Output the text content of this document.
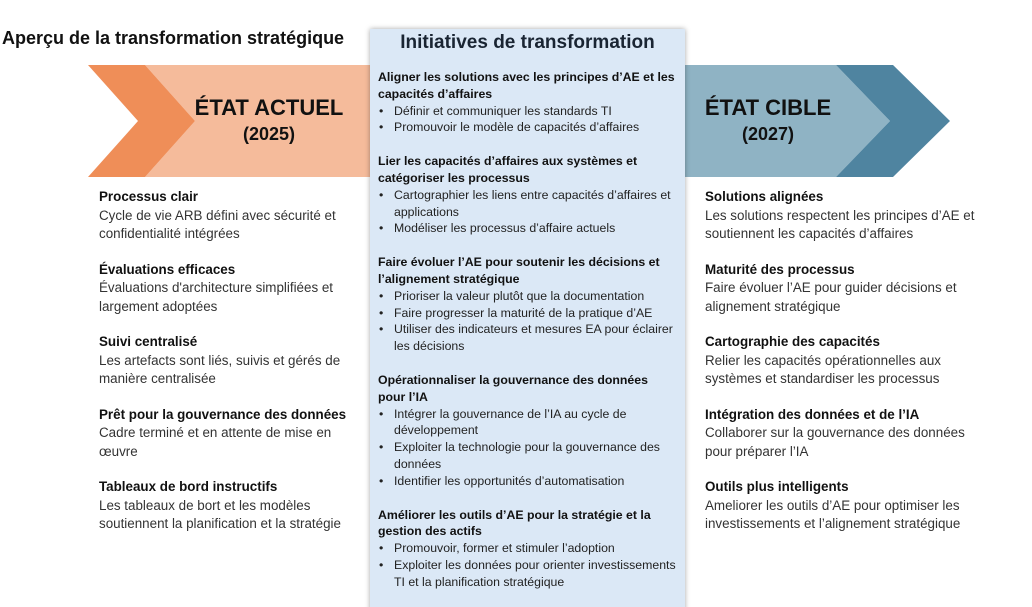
Aperçu de la transformation stratégique
ÉTAT ACTUEL
(2025)
ÉTAT CIBLE
(2027)
Processus clair
Cycle de vie ARB défini avec sécurité et confidentialité intégrées
Évaluations efficaces
Évaluations d'architecture simplifiées et largement adoptées
Suivi centralisé
Les artefacts sont liés, suivis et gérés de manière centralisée
Prêt pour la gouvernance des données
Cadre terminé et en attente de mise en œuvre
Tableaux de bord instructifs
Les tableaux de bort et les modèles soutiennent la planification et la stratégie
Initiatives de transformation
Aligner les solutions avec les principes d’AE et les capacités d’affaires
• Définir et communiquer les standards TI
• Promouvoir le modèle de capacités d’affaires
Lier les capacités d’affaires aux systèmes et catégoriser les processus
• Cartographier les liens entre capacités d’affaires et applications
• Modéliser les processus d’affaire actuels
Faire évoluer l’AE pour soutenir les décisions et l’alignement stratégique
• Prioriser la valeur plutôt que la documentation
• Faire progresser la maturité de la pratique d’AE
• Utiliser des indicateurs et mesures EA pour éclairer les décisions
Opérationnaliser la gouvernance des données pour l’IA
• Intégrer la gouvernance de l’IA au cycle de développement
• Exploiter la technologie pour la gouvernance des données
• Identifier les opportunités d’automatisation
Améliorer les outils d’AE pour la stratégie et la gestion des actifs
• Promouvoir, former et stimuler l’adoption
• Exploiter les données pour orienter investissements TI et la planification stratégique
Solutions alignées
Les solutions respectent les principes d’AE et soutiennent les capacités d’affaires
Maturité des processus
Faire évoluer l’AE pour guider décisions et alignement stratégique
Cartographie des capacités
Relier les capacités opérationnelles aux systèmes et standardiser les processus
Intégration des données et de l’IA
Collaborer sur la gouvernance des données pour préparer l’IA
Outils plus intelligents
Ameliorer les outils d’AE pour optimiser les investissements et l’alignement stratégique
